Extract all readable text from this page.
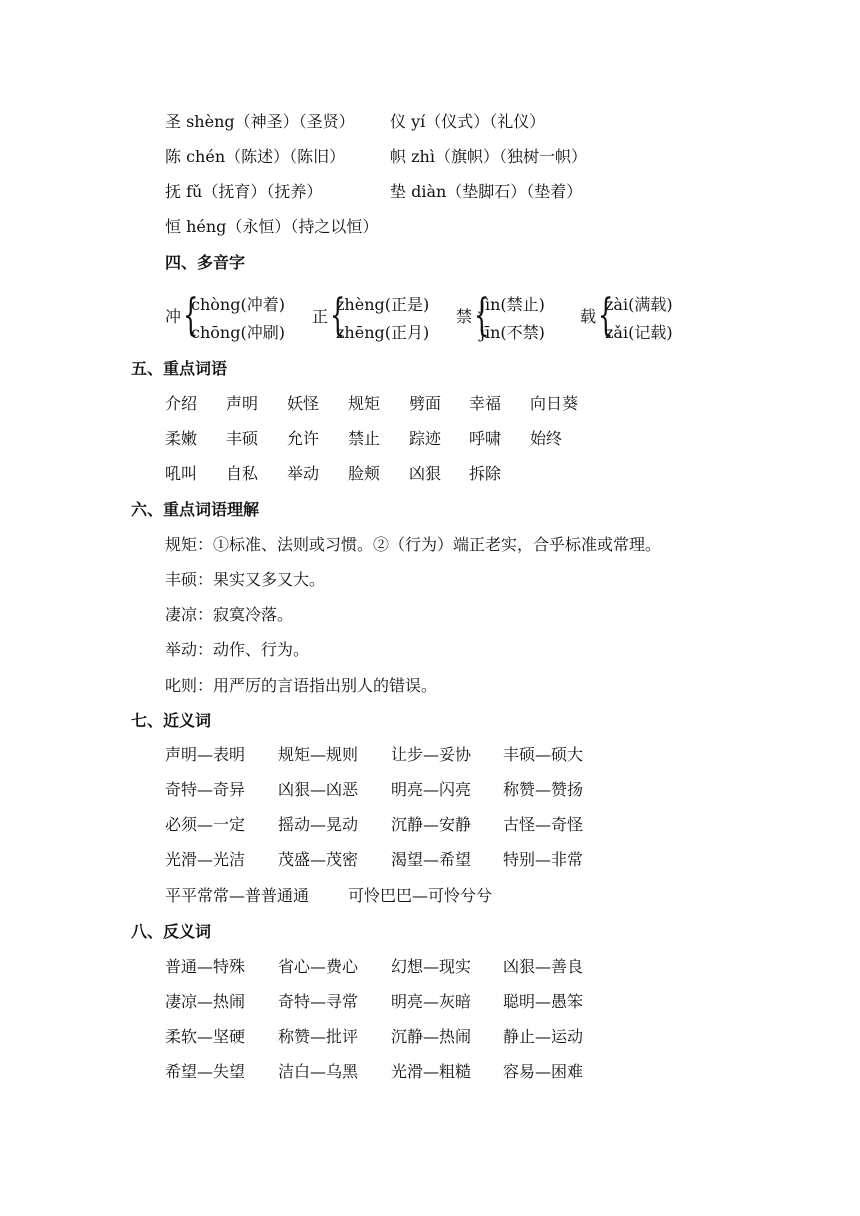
圣 shèng（神圣）（圣贤） 仪 yí（仪式）（礼仪）
陈 chén（陈述）（陈旧）	帜 zhì（旗帜）（独树一帜）
抚 fǔ（抚育）（抚养）	垫 diàn（垫脚石）（垫着）
恒 héng（永恒）（持之以恒）
四、多音字
冲 {
chòng(冲着)
chōng(冲刷)
正 {
zhèng(正是)
zhēng(正月)
禁 {
jìn(禁止)
jīn(不禁)
载 {
zài(满载)
zǎi(记载)
五、重点词语
介绍 声明 妖怪 规矩 劈面 幸福 向日葵
柔嫩 丰硕 允许 禁止 踪迹 呼啸 始终
吼叫 自私 举动 脸颊 凶狠 拆除
六、重点词语理解
规矩：①标准、法则或习惯。②（行为）端正老实，合乎标准或常理。
丰硕：果实又多又大。
凄凉：寂寞冷落。
举动：动作、行为。
叱则：用严厉的言语指出别人的错误。
七、近义词
声明—表明 规矩—规则 让步—妥协 丰硕—硕大
奇特—奇异 凶狠—凶恶 明亮—闪亮 称赞—赞扬
必须—一定 摇动—晃动 沉静—安静 古怪—奇怪
光滑—光洁 茂盛—茂密 渴望—希望 特别—非常
平平常常—普普通通 可怜巴巴—可怜兮兮
八、反义词
普通—特殊 省心—费心 幻想—现实 凶狠—善良
凄凉—热闹 奇特—寻常 明亮—灰暗 聪明—愚笨
柔软—坚硬 称赞—批评 沉静—热闹 静止—运动
希望—失望 洁白—乌黑 光滑—粗糙 容易—困难
